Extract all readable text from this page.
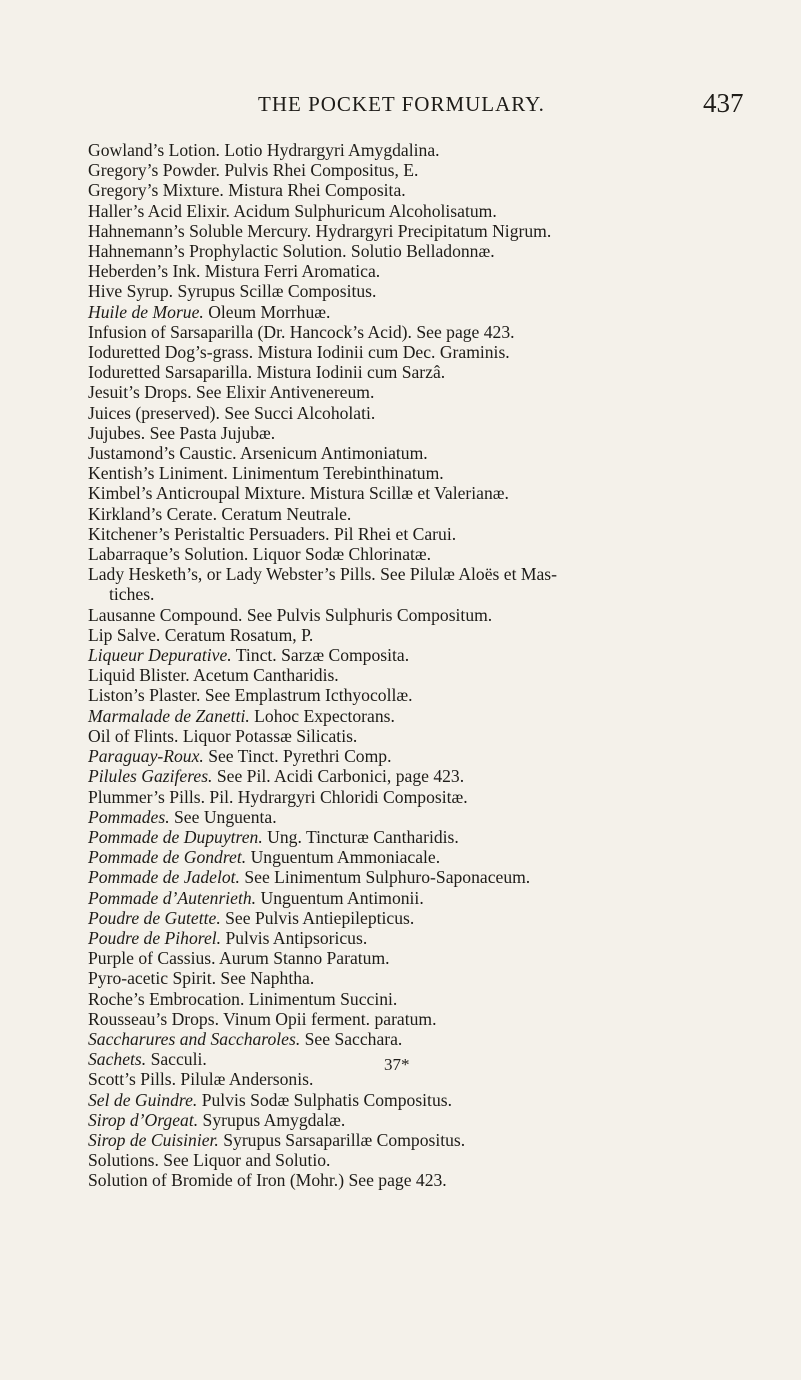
THE POCKET FORMULARY.	437
Gowland’s Lotion. Lotio Hydrargyri Amygdalina.
Gregory’s Powder. Pulvis Rhei Compositus, E.
Gregory’s Mixture. Mistura Rhei Composita.
Haller’s Acid Elixir. Acidum Sulphuricum Alcoholisatum.
Hahnemann’s Soluble Mercury. Hydrargyri Precipitatum Nigrum.
Hahnemann’s Prophylactic Solution. Solutio Belladonnæ.
Heberden’s Ink. Mistura Ferri Aromatica.
Hive Syrup. Syrupus Scillæ Compositus.
Huile de Morue. Oleum Morrhuæ.
Infusion of Sarsaparilla (Dr. Hancock’s Acid). See page 423.
Ioduretted Dog’s-grass. Mistura Iodinii cum Dec. Graminis.
Ioduretted Sarsaparilla. Mistura Iodinii cum Sarzâ.
Jesuit’s Drops. See Elixir Antivenereum.
Juices (preserved). See Succi Alcoholati.
Jujubes. See Pasta Jujubæ.
Justamond’s Caustic. Arsenicum Antimoniatum.
Kentish’s Liniment. Linimentum Terebinthinatum.
Kimbel’s Anticroupal Mixture. Mistura Scillæ et Valerianæ.
Kirkland’s Cerate. Ceratum Neutrale.
Kitchener’s Peristaltic Persuaders. Pil Rhei et Carui.
Labarraque’s Solution. Liquor Sodæ Chlorinatæ.
Lady Hesketh’s, or Lady Webster’s Pills. See Pilulæ Aloës et Mas-
tiches.
Lausanne Compound. See Pulvis Sulphuris Compositum.
Lip Salve. Ceratum Rosatum, P.
Liqueur Depurative. Tinct. Sarzæ Composita.
Liquid Blister. Acetum Cantharidis.
Liston’s Plaster. See Emplastrum Icthyocollæ.
Marmalade de Zanetti. Lohoc Expectorans.
Oil of Flints. Liquor Potassæ Silicatis.
Paraguay-Roux. See Tinct. Pyrethri Comp.
Pilules Gaziferes. See Pil. Acidi Carbonici, page 423.
Plummer’s Pills. Pil. Hydrargyri Chloridi Compositæ.
Pommades. See Unguenta.
Pommade de Dupuytren. Ung. Tincturæ Cantharidis.
Pommade de Gondret. Unguentum Ammoniacale.
Pommade de Jadelot. See Linimentum Sulphuro-Saponaceum.
Pommade d’Autenrieth. Unguentum Antimonii.
Poudre de Gutette. See Pulvis Antiepilepticus.
Poudre de Pihorel. Pulvis Antipsoricus.
Purple of Cassius. Aurum Stanno Paratum.
Pyro-acetic Spirit. See Naphtha.
Roche’s Embrocation. Linimentum Succini.
Rousseau’s Drops. Vinum Opii ferment. paratum.
Saccharures and Saccharoles. See Sacchara.
Sachets. Sacculi.
Scott’s Pills. Pilulæ Andersonis.
Sel de Guindre. Pulvis Sodæ Sulphatis Compositus.
Sirop d’Orgeat. Syrupus Amygdalæ.
Sirop de Cuisinier. Syrupus Sarsaparillæ Compositus.
Solutions. See Liquor and Solutio.
Solution of Bromide of Iron (Mohr.) See page 423.
37*
